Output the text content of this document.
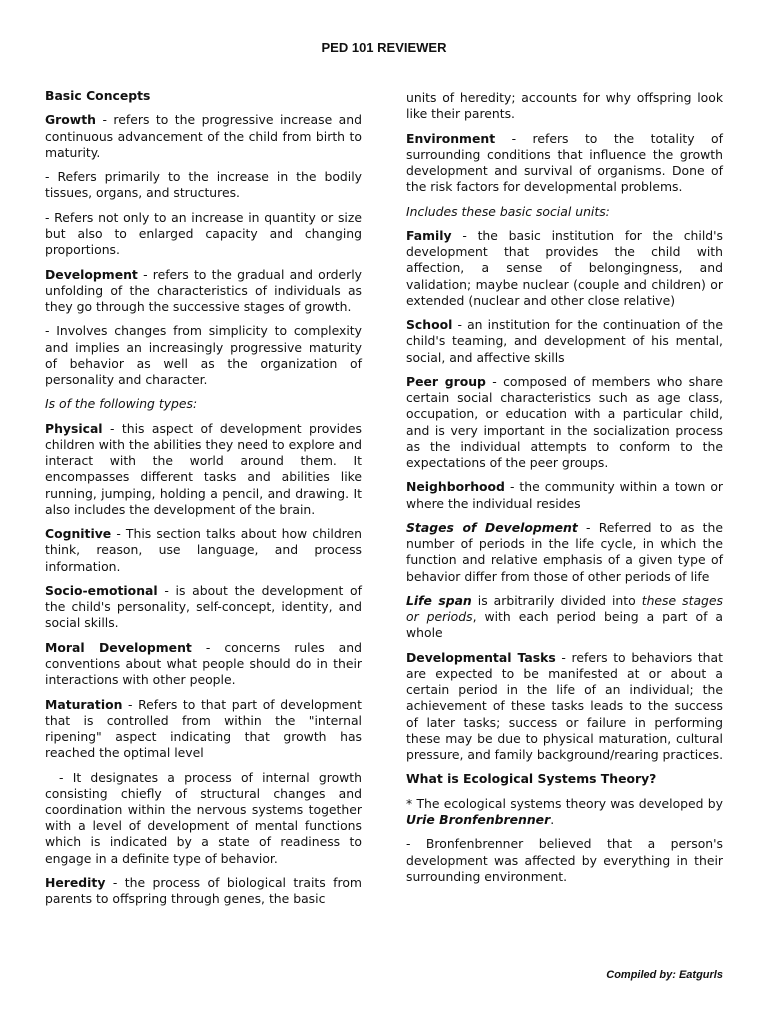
PED 101 REVIEWER

Basic Concepts

Growth - refers to the progressive increase and continuous advancement of the child from birth to maturity.

- Refers primarily to the increase in the bodily tissues, organs, and structures.

- Refers not only to an increase in quantity or size but also to enlarged capacity and changing proportions.

Development - refers to the gradual and orderly unfolding of the characteristics of individuals as they go through the successive stages of growth.

- Involves changes from simplicity to complexity and implies an increasingly progressive maturity of behavior as well as the organization of personality and character.

Is of the following types:

Physical - this aspect of development provides children with the abilities they need to explore and interact with the world around them. It encompasses different tasks and abilities like running, jumping, holding a pencil, and drawing. It also includes the development of the brain.

Cognitive - This section talks about how children think, reason, use language, and process information.

Socio-emotional - is about the development of the child's personality, self-concept, identity, and social skills.

Moral Development - concerns rules and conventions about what people should do in their interactions with other people.

Maturation - Refers to that part of development that is controlled from within the "internal ripening" aspect indicating that growth has reached the optimal level

- It designates a process of internal growth consisting chiefly of structural changes and coordination within the nervous systems together with a level of development of mental functions which is indicated by a state of readiness to engage in a definite type of behavior.

Heredity - the process of biological traits from parents to offspring through genes, the basic

units of heredity; accounts for why offspring look like their parents.

Environment - refers to the totality of surrounding conditions that influence the growth development and survival of organisms. Done of the risk factors for developmental problems.

Includes these basic social units:

Family - the basic institution for the child's development that provides the child with affection, a sense of belongingness, and validation; maybe nuclear (couple and children) or extended (nuclear and other close relative)

School - an institution for the continuation of the child's teaming, and development of his mental, social, and affective skills

Peer group - composed of members who share certain social characteristics such as age class, occupation, or education with a particular child, and is very important in the socialization process as the individual attempts to conform to the expectations of the peer groups.

Neighborhood - the community within a town or where the individual resides

Stages of Development - Referred to as the number of periods in the life cycle, in which the function and relative emphasis of a given type of behavior differ from those of other periods of life

Life span is arbitrarily divided into these stages or periods, with each period being a part of a whole

Developmental Tasks - refers to behaviors that are expected to be manifested at or about a certain period in the life of an individual; the achievement of these tasks leads to the success of later tasks; success or failure in performing these may be due to physical maturation, cultural pressure, and family background/rearing practices.

What is Ecological Systems Theory?

* The ecological systems theory was developed by Urie Bronfenbrenner.

- Bronfenbrenner believed that a person's development was affected by everything in their surrounding environment.

Compiled by: Eatgurls
